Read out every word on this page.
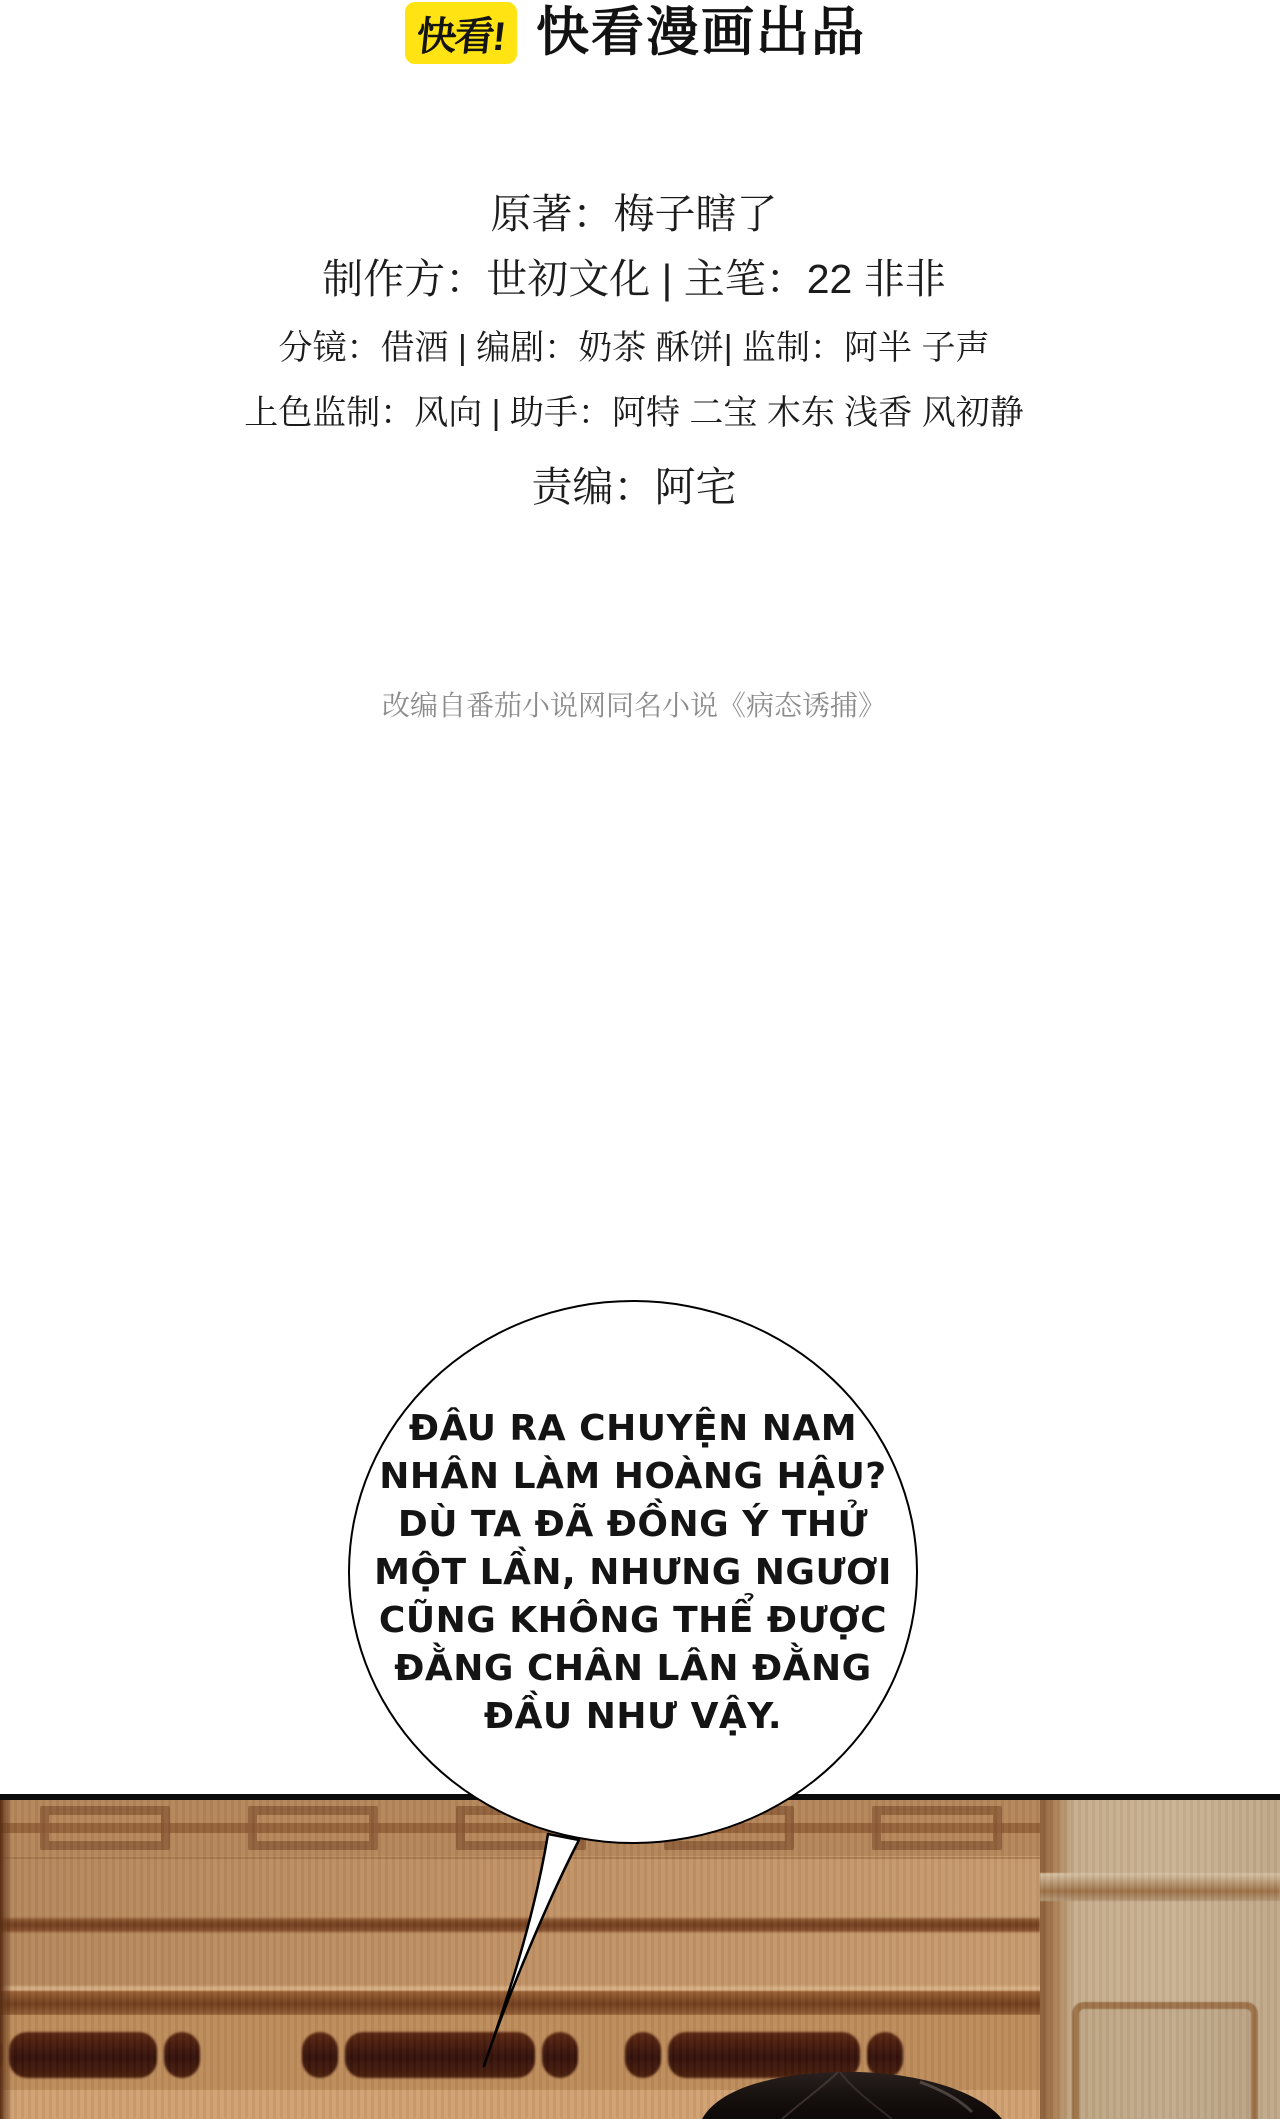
快看! 快看漫画出品
原著：梅子瞎了
制作方：世初文化 | 主笔：22 非非
分镜：借酒 | 编剧：奶茶 酥饼| 监制：阿半 子声
上色监制：风向 | 助手：阿特 二宝 木东 浅香 风初静
责编：阿宅
改编自番茄小说网同名小说《病态诱捕》
ĐÂU RA CHUYỆN NAM
NHÂN LÀM HOÀNG HẬU?
DÙ TA ĐÃ ĐỒNG Ý THỬ
MỘT LẦN, NHƯNG NGƯƠI
CŨNG KHÔNG THỂ ĐƯỢC
ĐẰNG CHÂN LÂN ĐẰNG
ĐẦU NHƯ VẬY.
